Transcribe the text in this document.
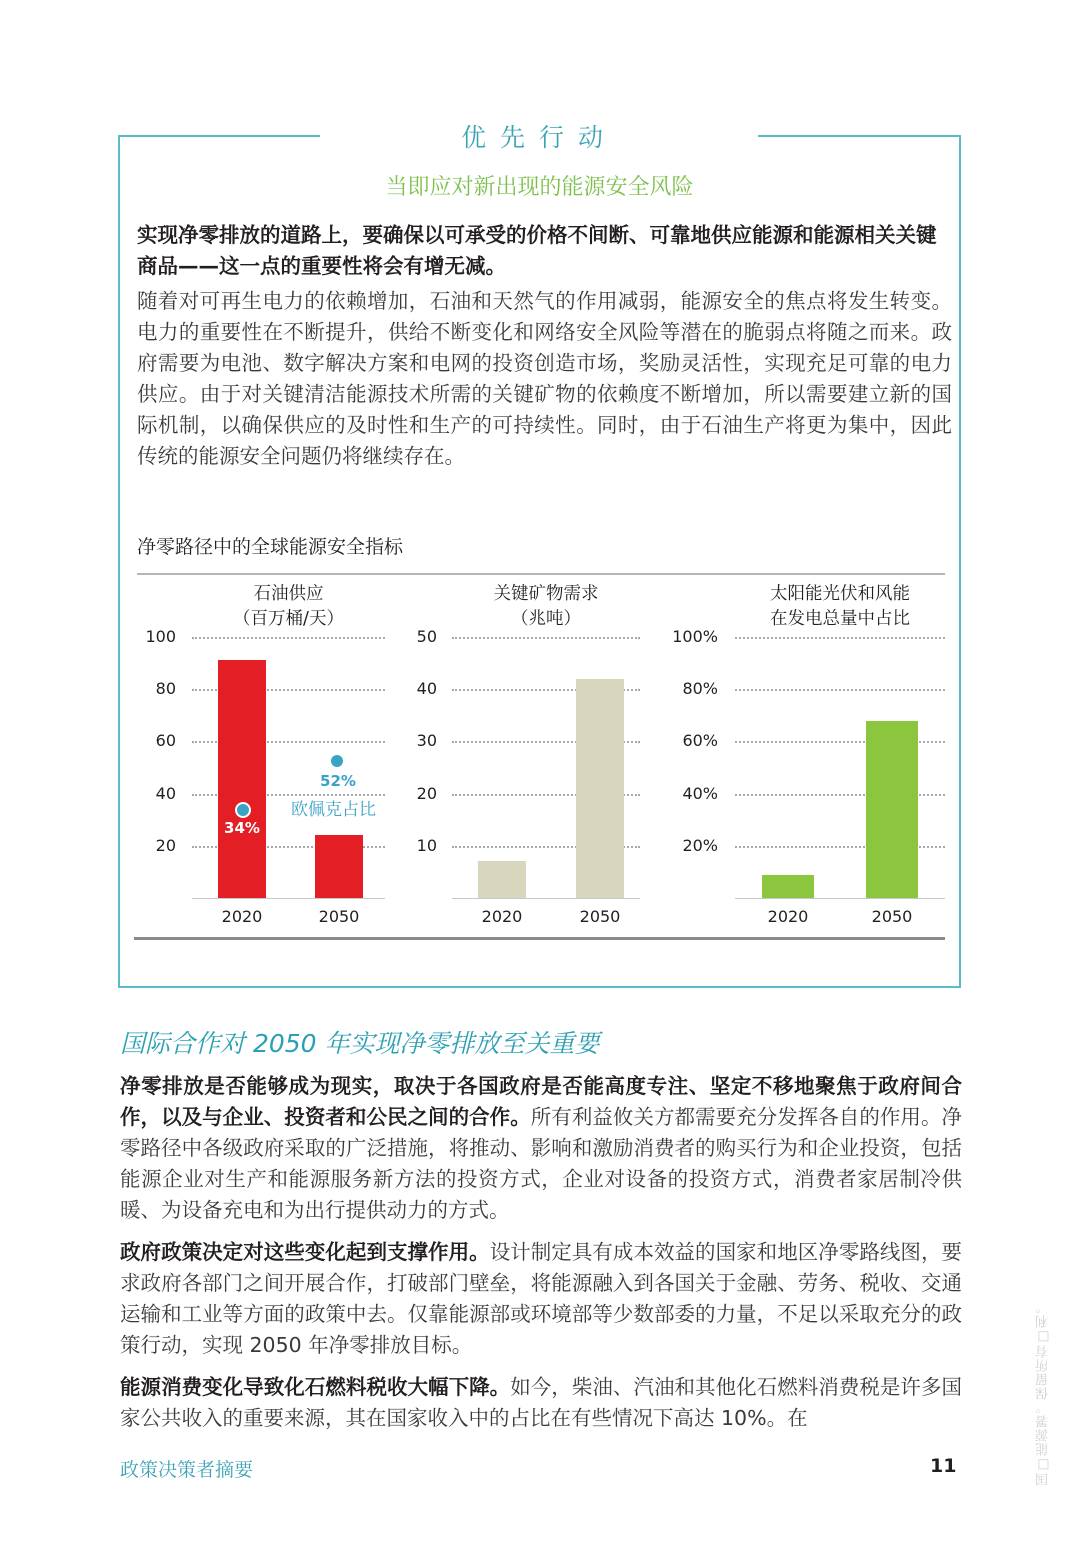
优先行动
当即应对新出现的能源安全风险
实现净零排放的道路上，要确保以可承受的价格不间断、可靠地供应能源和能源相关关键商品——这一点的重要性将会有增无减。
随着对可再生电力的依赖增加，石油和天然气的作用减弱，能源安全的焦点将发生转变。电力的重要性在不断提升，供给不断变化和网络安全风险等潜在的脆弱点将随之而来。政府需要为电池、数字解决方案和电网的投资创造市场，奖励灵活性，实现充足可靠的电力供应。由于对关键清洁能源技术所需的关键矿物的依赖度不断增加，所以需要建立新的国际机制，以确保供应的及时性和生产的可持续性。同时，由于石油生产将更为集中，因此传统的能源安全问题仍将继续存在。
净零路径中的全球能源安全指标
石油供应
（百万桶/天）
20
40
60
80
100
2020	2050
34%
52%
欧佩克占比
关键矿物需求
（兆吨）
10
20
30
40
50
2020	2050
太阳能光伏和风能
在发电总量中占比
20%
40%
60%
80%
100%
2020	2050
国际合作对 2050 年实现净零排放至关重要
净零排放是否能够成为现实，取决于各国政府是否能高度专注、坚定不移地聚焦于政府间合作，以及与企业、投资者和公民之间的合作。所有利益攸关方都需要充分发挥各自的作用。净零路径中各级政府采取的广泛措施，将推动、影响和激励消费者的购买行为和企业投资，包括能源企业对生产和能源服务新方法的投资方式，企业对设备的投资方式，消费者家居制冷供暖、为设备充电和为出行提供动力的方式。
政府政策决定对这些变化起到支撑作用。设计制定具有成本效益的国家和地区净零路线图，要求政府各部门之间开展合作，打破部门壁垒，将能源融入到各国关于金融、劳务、税收、交通运输和工业等方面的政策中去。仅靠能源部或环境部等少数部委的力量，不足以采取充分的政策行动，实现 2050 年净零排放目标。
能源消费变化导致化石燃料税收大幅下降。如今，柴油、汽油和其他化石燃料消费税是许多国家公共收入的重要来源，其在国家收入中的占比在有些情况下高达 10%。在
政策决策者摘要	11	国□能源署。保留所有□利。
